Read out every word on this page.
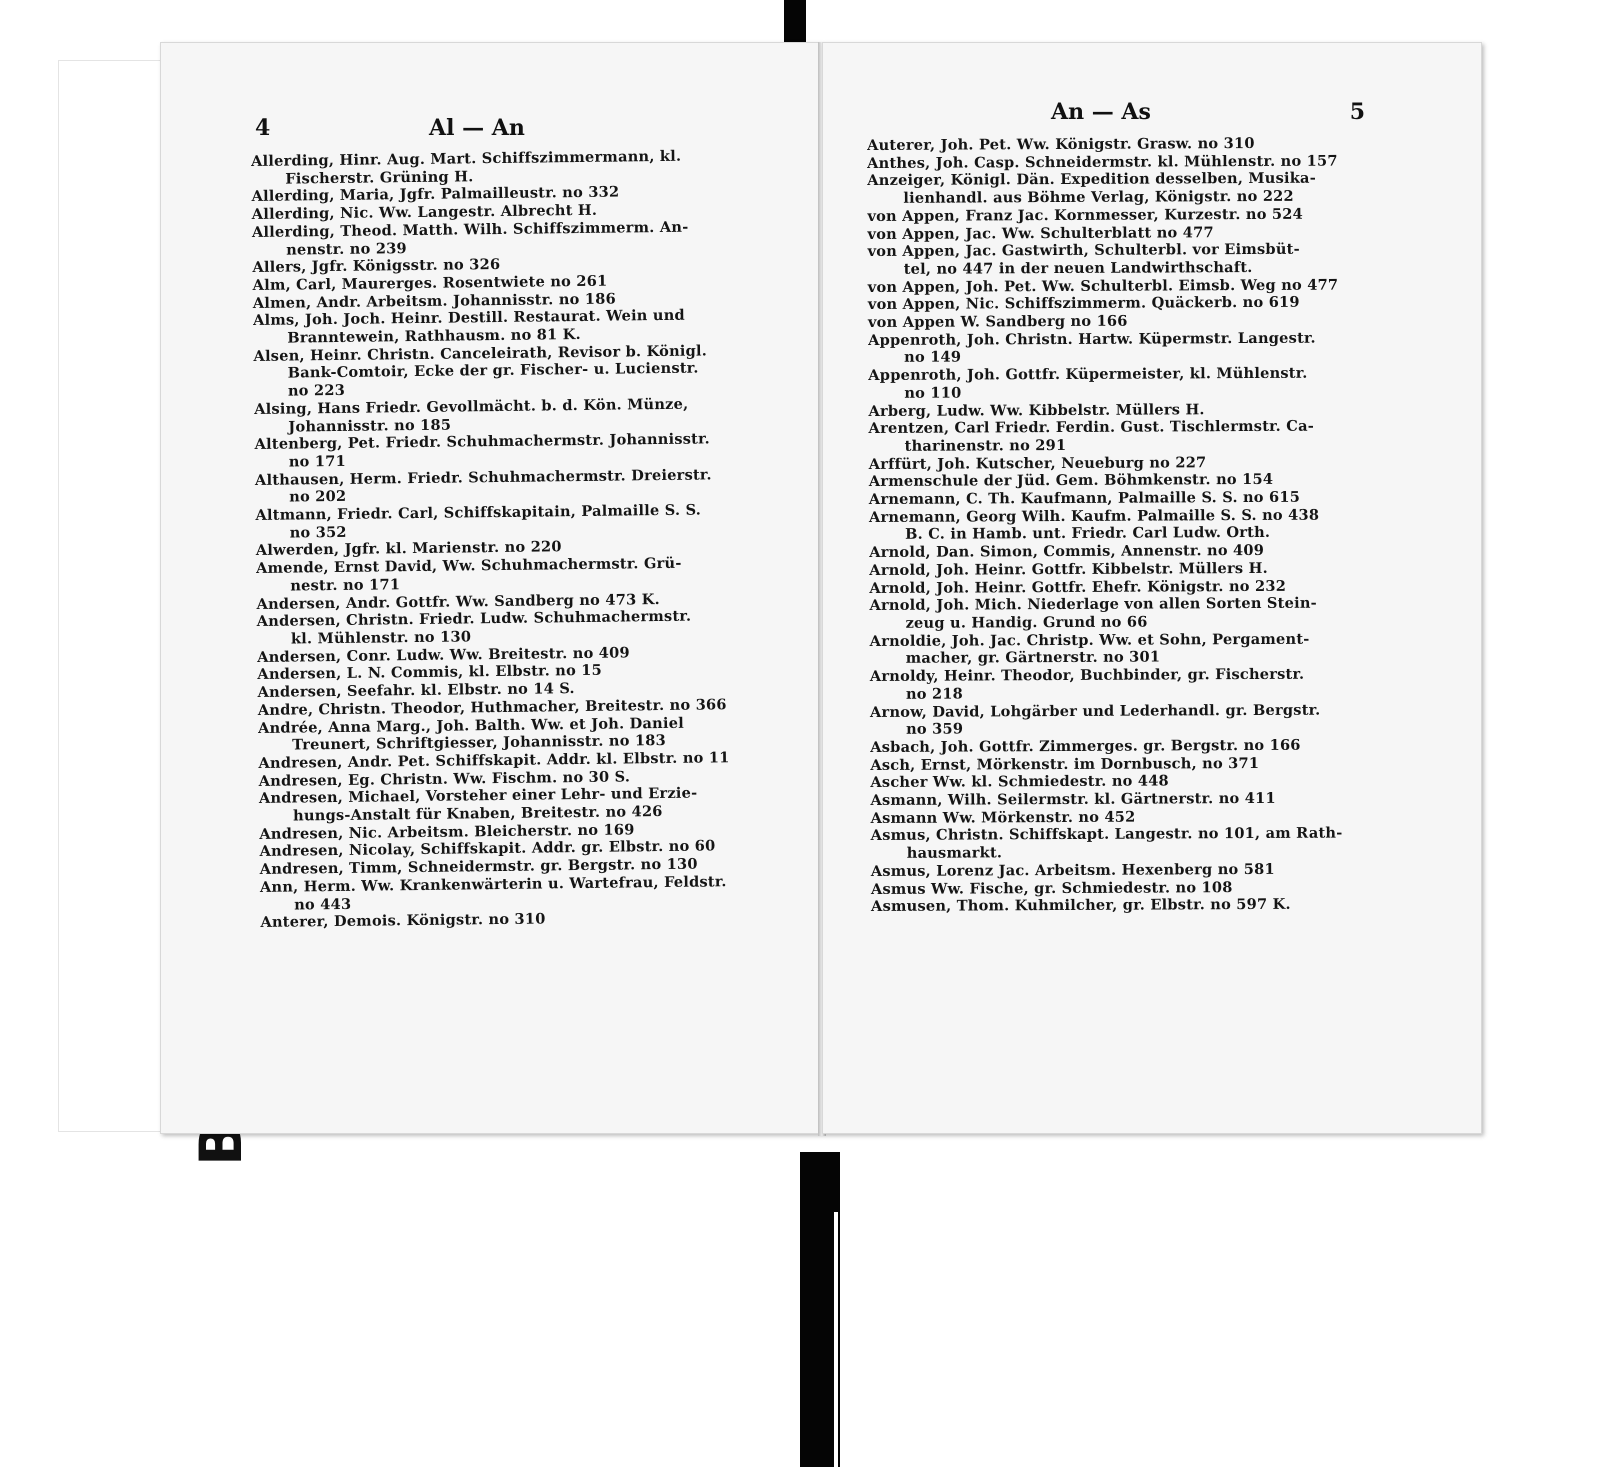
4	Al — An
Allerding, Hinr. Aug. Mart. Schiffszimmermann, kl.
Fischerstr. Grüning H.
Allerding, Maria, Jgfr. Palmailleustr. no 332
Allerding, Nic. Ww. Langestr. Albrecht H.
Allerding, Theod. Matth. Wilh. Schiffszimmerm. An-
nenstr. no 239
Allers, Jgfr. Königsstr. no 326
Alm, Carl, Maurerges. Rosentwiete no 261
Almen, Andr. Arbeitsm. Johannisstr. no 186
Alms, Joh. Joch. Heinr. Destill. Restaurat. Wein und
Branntewein, Rathhausm. no 81 K.
Alsen, Heinr. Christn. Canceleirath, Revisor b. Königl.
Bank-Comtoir, Ecke der gr. Fischer- u. Lucienstr.
no 223
Alsing, Hans Friedr. Gevollmächt. b. d. Kön. Münze,
Johannisstr. no 185
Altenberg, Pet. Friedr. Schuhmachermstr. Johannisstr.
no 171
Althausen, Herm. Friedr. Schuhmachermstr. Dreierstr.
no 202
Altmann, Friedr. Carl, Schiffskapitain, Palmaille S. S.
no 352
Alwerden, Jgfr. kl. Marienstr. no 220
Amende, Ernst David, Ww. Schuhmachermstr. Grü-
nestr. no 171
Andersen, Andr. Gottfr. Ww. Sandberg no 473 K.
Andersen, Christn. Friedr. Ludw. Schuhmachermstr.
kl. Mühlenstr. no 130
Andersen, Conr. Ludw. Ww. Breitestr. no 409
Andersen, L. N. Commis, kl. Elbstr. no 15
Andersen, Seefahr. kl. Elbstr. no 14 S.
Andre, Christn. Theodor, Huthmacher, Breitestr. no 366
Andrée, Anna Marg., Joh. Balth. Ww. et Joh. Daniel
Treunert, Schriftgiesser, Johannisstr. no 183
Andresen, Andr. Pet. Schiffskapit. Addr. kl. Elbstr. no 11
Andresen, Eg. Christn. Ww. Fischm. no 30 S.
Andresen, Michael, Vorsteher einer Lehr- und Erzie-
hungs-Anstalt für Knaben, Breitestr. no 426
Andresen, Nic. Arbeitsm. Bleicherstr. no 169
Andresen, Nicolay, Schiffskapit. Addr. gr. Elbstr. no 60
Andresen, Timm, Schneidermstr. gr. Bergstr. no 130
Ann, Herm. Ww. Krankenwärterin u. Wartefrau, Feldstr.
no 443
Anterer, Demois. Königstr. no 310
An — As	5
Auterer, Joh. Pet. Ww. Königstr. Grasw. no 310
Anthes, Joh. Casp. Schneidermstr. kl. Mühlenstr. no 157
Anzeiger, Königl. Dän. Expedition desselben, Musika-
lienhandl. aus Böhme Verlag, Königstr. no 222
von Appen, Franz Jac. Kornmesser, Kurzestr. no 524
von Appen, Jac. Ww. Schulterblatt no 477
von Appen, Jac. Gastwirth, Schulterbl. vor Eimsbüt-
tel, no 447 in der neuen Landwirthschaft.
von Appen, Joh. Pet. Ww. Schulterbl. Eimsb. Weg no 477
von Appen, Nic. Schiffszimmerm. Quäckerb. no 619
von Appen W. Sandberg no 166
Appenroth, Joh. Christn. Hartw. Küpermstr. Langestr.
no 149
Appenroth, Joh. Gottfr. Küpermeister, kl. Mühlenstr.
no 110
Arberg, Ludw. Ww. Kibbelstr. Müllers H.
Arentzen, Carl Friedr. Ferdin. Gust. Tischlermstr. Ca-
tharinenstr. no 291
Arffürt, Joh. Kutscher, Neueburg no 227
Armenschule der Jüd. Gem. Böhmkenstr. no 154
Arnemann, C. Th. Kaufmann, Palmaille S. S. no 615
Arnemann, Georg Wilh. Kaufm. Palmaille S. S. no 438
B. C. in Hamb. unt. Friedr. Carl Ludw. Orth.
Arnold, Dan. Simon, Commis, Annenstr. no 409
Arnold, Joh. Heinr. Gottfr. Kibbelstr. Müllers H.
Arnold, Joh. Heinr. Gottfr. Ehefr. Königstr. no 232
Arnold, Joh. Mich. Niederlage von allen Sorten Stein-
zeug u. Handig. Grund no 66
Arnoldie, Joh. Jac. Christp. Ww. et Sohn, Pergament-
macher, gr. Gärtnerstr. no 301
Arnoldy, Heinr. Theodor, Buchbinder, gr. Fischerstr.
no 218
Arnow, David, Lohgärber und Lederhandl. gr. Bergstr.
no 359
Asbach, Joh. Gottfr. Zimmerges. gr. Bergstr. no 166
Asch, Ernst, Mörkenstr. im Dornbusch, no 371
Ascher Ww. kl. Schmiedestr. no 448
Asmann, Wilh. Seilermstr. kl. Gärtnerstr. no 411
Asmann Ww. Mörkenstr. no 452
Asmus, Christn. Schiffskapt. Langestr. no 101, am Rath-
hausmarkt.
Asmus, Lorenz Jac. Arbeitsm. Hexenberg no 581
Asmus Ww. Fische, gr. Schmiedestr. no 108
Asmusen, Thom. Kuhmilcher, gr. Elbstr. no 597 K.
